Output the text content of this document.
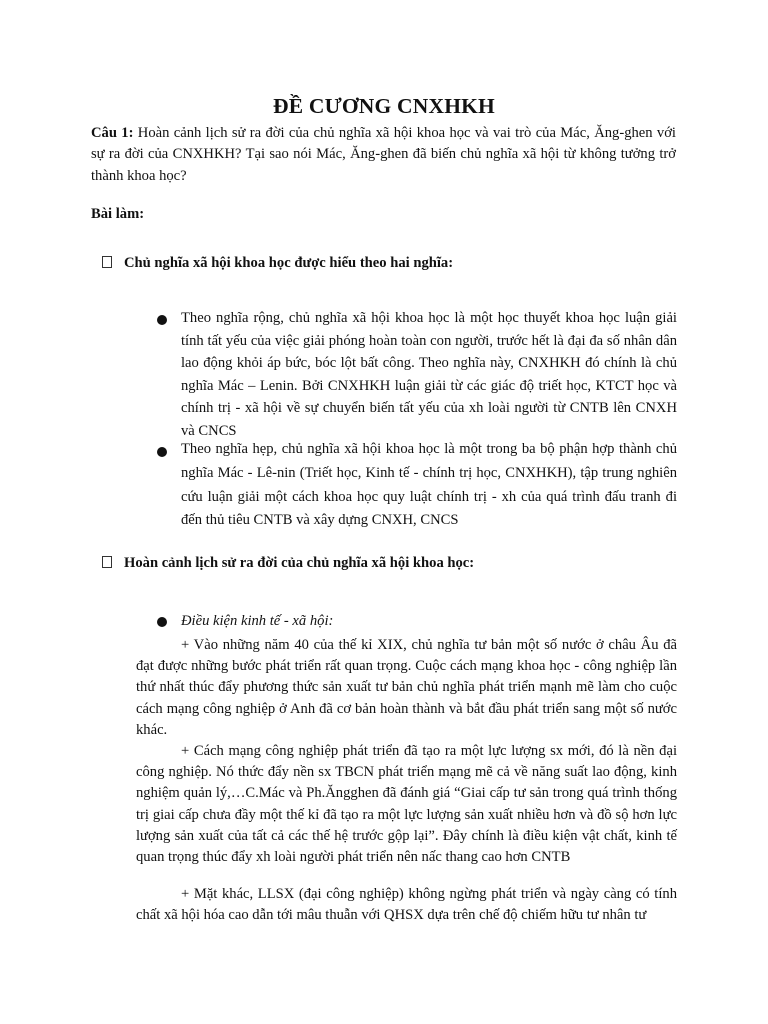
ĐỀ CƯƠNG CNXHKH
Câu 1: Hoàn cảnh lịch sử ra đời của chủ nghĩa xã hội khoa học và vai trò của Mác, Ăng-ghen với sự ra đời của CNXHKH? Tại sao nói Mác, Ăng-ghen đã biến chủ nghĩa xã hội từ không tưởng trở thành khoa học?
Bài làm:
Chủ nghĩa xã hội khoa học được hiểu theo hai nghĩa:
Theo nghĩa rộng, chủ nghĩa xã hội khoa học là một học thuyết khoa học luận giải tính tất yếu của việc giải phóng hoàn toàn con người, trước hết là đại đa số nhân dân lao động khỏi áp bức, bóc lột bất công. Theo nghĩa này, CNXHKH đó chính là chủ nghĩa Mác – Lenin. Bởi CNXHKH luận giải từ các giác độ triết học, KTCT học và chính trị - xã hội về sự chuyển biến tất yếu của xh loài người từ CNTB lên CNXH và CNCS
Theo nghĩa hẹp, chủ nghĩa xã hội khoa học là một trong ba bộ phận hợp thành chủ nghĩa Mác - Lê-nin (Triết học, Kinh tế - chính trị học, CNXHKH), tập trung nghiên cứu luận giải một cách khoa học quy luật chính trị - xh của quá trình đấu tranh đi đến thủ tiêu CNTB và xây dựng CNXH, CNCS
Hoàn cảnh lịch sử ra đời của chủ nghĩa xã hội khoa học:
Điều kiện kinh tế - xã hội:
+ Vào những năm 40 của thế kỉ XIX, chủ nghĩa tư bản một số nước ở châu Âu đã đạt được những bước phát triển rất quan trọng. Cuộc cách mạng khoa học - công nghiệp lần thứ nhất thúc đẩy phương thức sản xuất tư bản chủ nghĩa phát triển mạnh mẽ làm cho cuộc cách mạng công nghiệp ở Anh đã cơ bản hoàn thành và bắt đầu phát triển sang một số nước khác.
+ Cách mạng công nghiệp phát triển đã tạo ra một lực lượng sx mới, đó là nền đại công nghiệp. Nó thức đẩy nền sx TBCN phát triển mạng mẽ cả về năng suất lao động, kinh nghiệm quản lý,…C.Mác và Ph.Ăngghen đã đánh giá “Giai cấp tư sản trong quá trình thống trị giai cấp chưa đầy một thế kỉ đã tạo ra một lực lượng sản xuất nhiều hơn và đồ sộ hơn lực lượng sản xuất của tất cả các thế hệ trước gộp lại”. Đây chính là điều kiện vật chất, kinh tế quan trọng thúc đẩy xh loài người phát triển nên nấc thang cao hơn CNTB
+ Mặt khác, LLSX (đại công nghiệp) không ngừng phát triển và ngày càng có tính chất xã hội hóa cao dẫn tới mâu thuẫn với QHSX dựa trên chế độ chiếm hữu tư nhân tư
